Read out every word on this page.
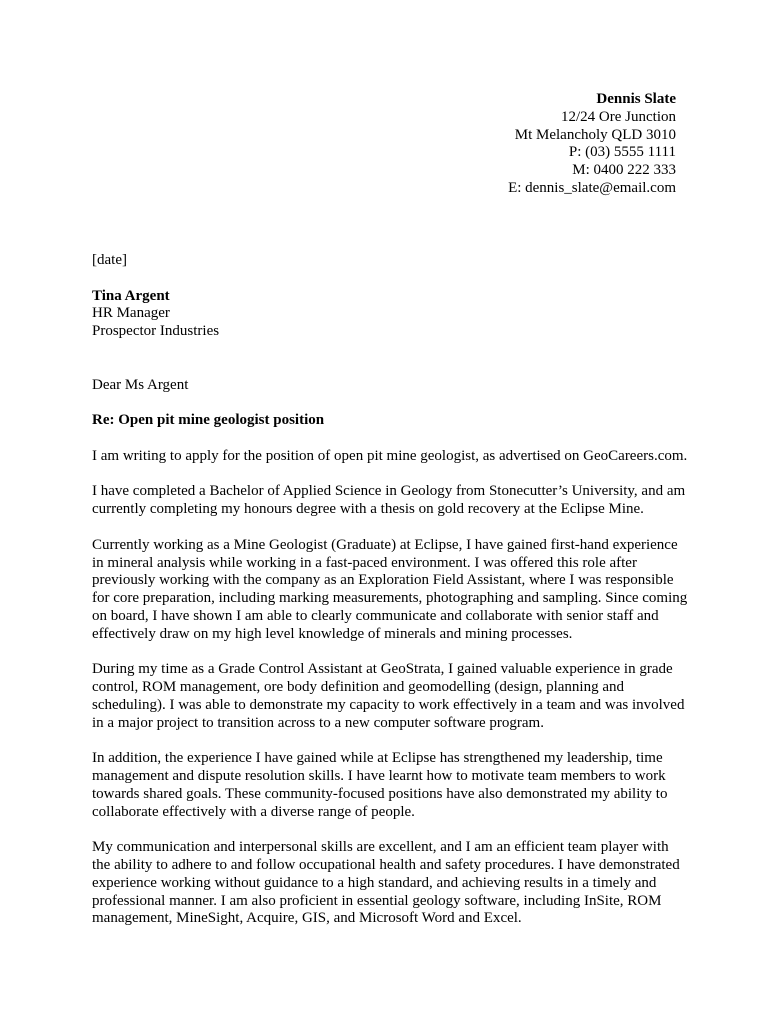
Dennis Slate
12/24 Ore Junction
Mt Melancholy QLD 3010
P: (03) 5555 1111
M: 0400 222 333
E: dennis_slate@email.com

[date]

Tina Argent
HR Manager
Prospector Industries

Dear Ms Argent

Re: Open pit mine geologist position

I am writing to apply for the position of open pit mine geologist, as advertised on GeoCareers.com.

I have completed a Bachelor of Applied Science in Geology from Stonecutter’s University, and am currently completing my honours degree with a thesis on gold recovery at the Eclipse Mine.

Currently working as a Mine Geologist (Graduate) at Eclipse, I have gained first-hand experience in mineral analysis while working in a fast-paced environment. I was offered this role after previously working with the company as an Exploration Field Assistant, where I was responsible for core preparation, including marking measurements, photographing and sampling. Since coming on board, I have shown I am able to clearly communicate and collaborate with senior staff and effectively draw on my high level knowledge of minerals and mining processes.

During my time as a Grade Control Assistant at GeoStrata, I gained valuable experience in grade control, ROM management, ore body definition and geomodelling (design, planning and scheduling). I was able to demonstrate my capacity to work effectively in a team and was involved in a major project to transition across to a new computer software program.

In addition, the experience I have gained while at Eclipse has strengthened my leadership, time management and dispute resolution skills. I have learnt how to motivate team members to work towards shared goals. These community-focused positions have also demonstrated my ability to collaborate effectively with a diverse range of people.

My communication and interpersonal skills are excellent, and I am an efficient team player with the ability to adhere to and follow occupational health and safety procedures. I have demonstrated experience working without guidance to a high standard, and achieving results in a timely and professional manner. I am also proficient in essential geology software, including InSite, ROM management, MineSight, Acquire, GIS, and Microsoft Word and Excel.
